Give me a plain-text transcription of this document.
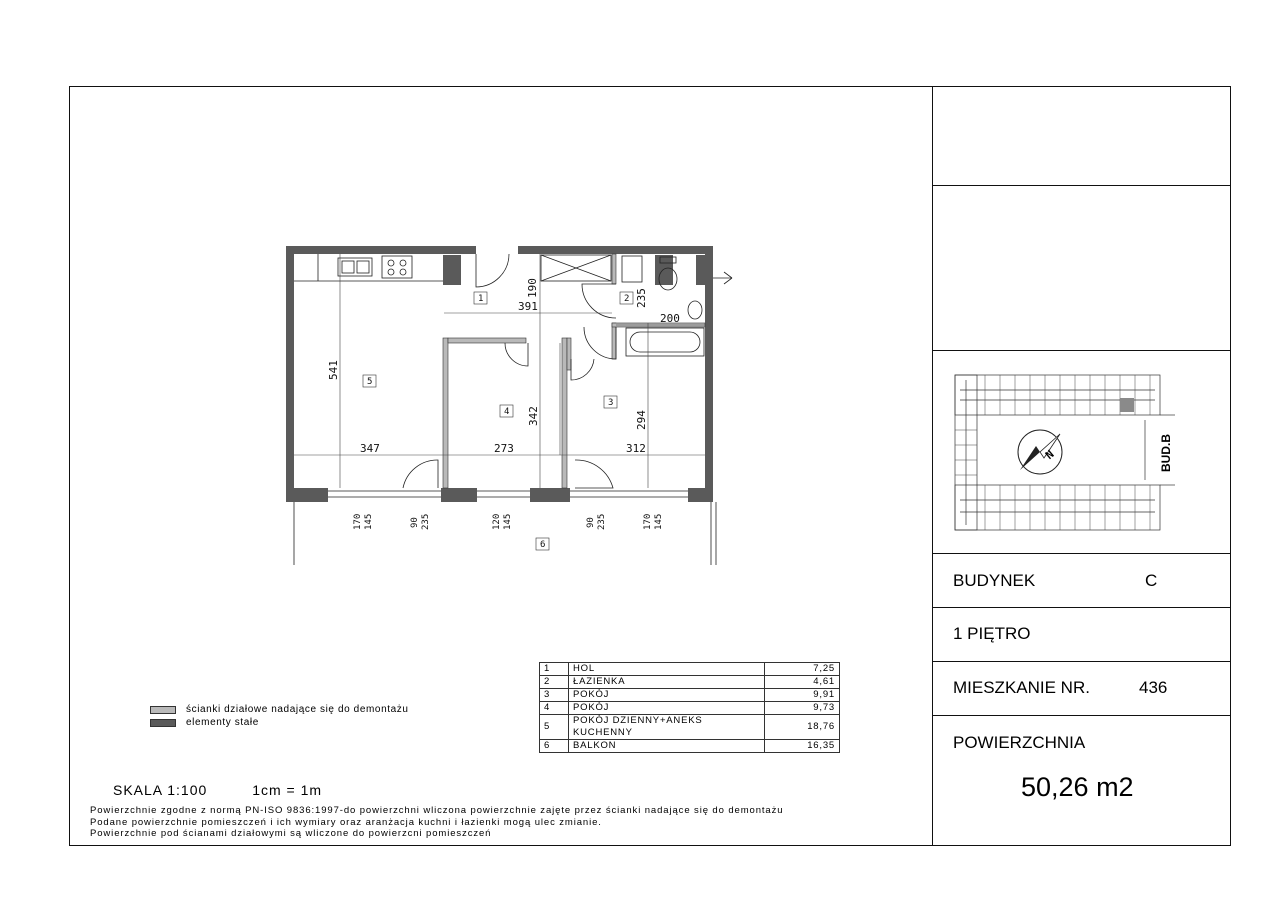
541
347	273	312
391
190
235
200
342	294
170 145	90 235	120 145	90 235	170 145
1	2
3
4
5
6
ścianki działowe nadające się do demontażu
elementy stałe
1	HOL	7,25
2	ŁAZIENKA	4,61
3	POKÓJ	9,91
4	POKÓJ	9,73
5	POKÓJ DZIENNY+ANEKS KUCHENNY	18,76
6	BALKON	16,35
SKALA 1:100	1cm = 1m
Powierzchnie zgodne z normą PN-ISO 9836:1997-do powierzchni wliczona powierzchnie zajęte przez ścianki nadające się do demontażu
Podane powierzchnie pomieszczeń i ich wymiary oraz aranżacja kuchni i łazienki mogą ulec zmianie.
Powierzchnie pod ścianami działowymi są wliczone do powierzcni pomieszczeń
N	BUD.B
BUDYNEK	C
1 PIĘTRO
MIESZKANIE NR.	436
POWIERZCHNIA
50,26 m2
